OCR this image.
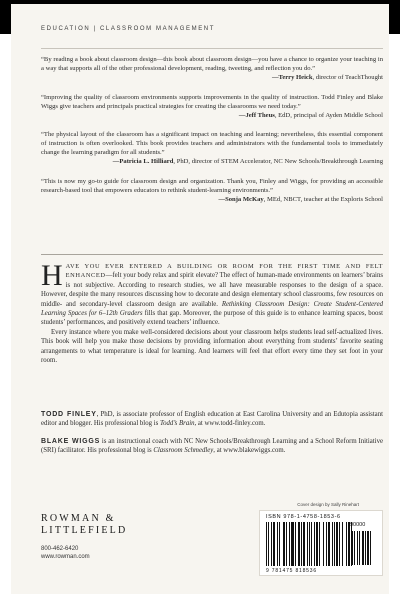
EDUCATION | CLASSROOM MANAGEMENT

“By reading a book about classroom design—this book about classroom design—you have a chance to organize your teaching in a way that supports all of the other professional development, reading, tweeting, and reflection you do.”

—Terry Heick, director of TeachThought

“Improving the quality of classroom environments supports improvements in the quality of instruction. Todd Finley and Blake Wiggs give teachers and principals practical strategies for creating the classrooms we need today.”

—Jeff Theus, EdD, principal of Ayden Middle School

“The physical layout of the classroom has a significant impact on teaching and learning; nevertheless, this essential component of instruction is often overlooked. This book provides teachers and administrators with the fundamental tools to immediately change the learning paradigm for all students.”

—Patricia L. Hilliard, PhD, director of STEM Accelerator, NC New Schools/Breakthrough Learning

“This is now my go-to guide for classroom design and organization. Thank you, Finley and Wiggs, for providing an accessible research-based tool that empowers educators to rethink student-learning environments.”

—Sonja McKay, MEd, NBCT, teacher at the Exploris School

HAVE YOU EVER ENTERED A BUILDING OR ROOM FOR THE FIRST TIME AND FELT ENHANCED—felt your body relax and spirit elevate? The effect of human-made environments on learners’ brains is not subjective. According to research studies, we all have measurable responses to the design of a space. However, despite the many resources discussing how to decorate and design elementary school classrooms, few resources on middle- and secondary-level classroom design are available. Rethinking Classroom Design: Create Student-Centered Learning Spaces for 6–12th Graders fills that gap. Moreover, the purpose of this guide is to enhance learning spaces, boost students’ performances, and positively extend teachers’ influence.

Every instance where you make well-considered decisions about your classroom helps students lead self-actualized lives. This book will help you make those decisions by providing information about everything from students’ favorite seating arrangements to what temperature is ideal for learning. And learners will feel that effort every time they set foot in your room.

TODD FINLEY, PhD, is associate professor of English education at East Carolina University and an Edutopia assistant editor and blogger. His professional blog is Todd’s Brain, at www.todd-finley.com.

BLAKE WIGGS is an instructional coach with NC New Schools/Breakthrough Learning and a School Reform Initiative (SRI) facilitator. His professional blog is Classroom Schmedley, at www.blakewiggs.com.

ROWMAN &

LITTLEFIELD

800-462-6420

www.rowman.com

Cover design by Sally Rinehart
ISBN 978-1-4758-1853-6
90000
9 781475 818536
